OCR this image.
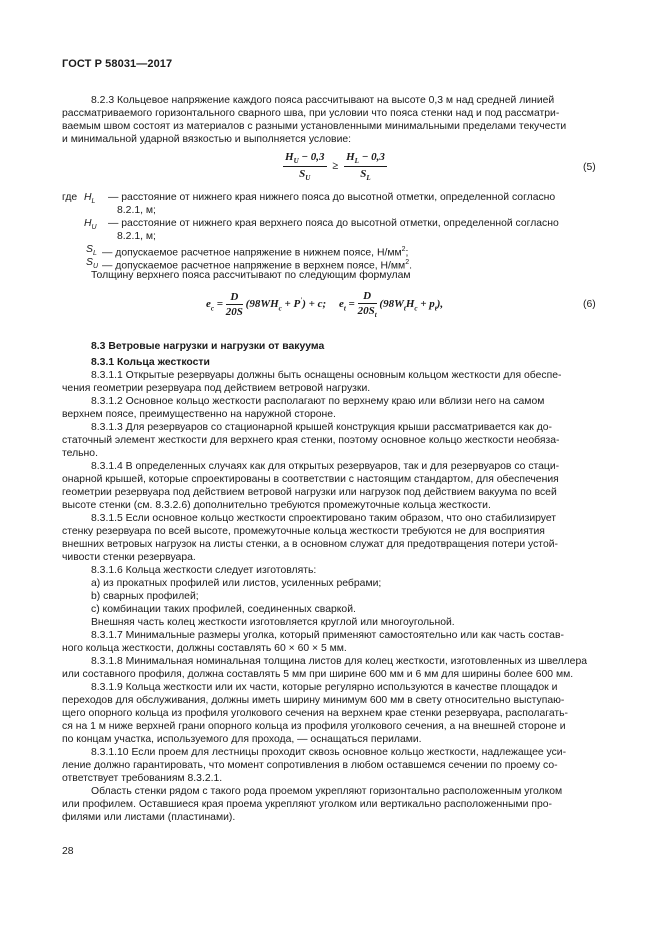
ГОСТ Р 58031—2017
8.2.3 Кольцевое напряжение каждого пояса рассчитывают на высоте 0,3 м над средней линией
рассматриваемого горизонтального сварного шва, при условии что пояса стенки над и под рассматри-
ваемым швом состоят из материалов с разными установленными минимальными пределами текучести
и минимальной ударной вязкостью и выполняется условие:
$\frac{H_U - 0,3}{S_U} \ge \frac{H_L - 0,3}{S_L}$	(5)
где $H_L$ — расстояние от нижнего края нижнего пояса до высотной отметки, определенной согласно
8.2.1, м;
$H_U$ — расстояние от нижнего края верхнего пояса до высотной отметки, определенной согласно
8.2.1, м;
$S_L$ — допускаемое расчетное напряжение в нижнем поясе, $Н/мм^2$;
$S_U$ — допускаемое расчетное напряжение в верхнем поясе, $Н/мм^2$.
Толщину верхнего пояса рассчитывают по следующим формулам
$e_c = \frac{D}{20S} (98WH_c + P') + c$; $e_t = \frac{D}{20S_t} (98W_tH_c + p_t)$,	(6)
8.3 Ветровые нагрузки и нагрузки от вакуума
8.3.1 Кольца жесткости
8.3.1.1 Открытые резервуары должны быть оснащены основным кольцом жесткости для обеспе-
чения геометрии резервуара под действием ветровой нагрузки.
8.3.1.2 Основное кольцо жесткости располагают по верхнему краю или вблизи него на самом
верхнем поясе, преимущественно на наружной стороне.
8.3.1.3 Для резервуаров со стационарной крышей конструкция крыши рассматривается как до-
статочный элемент жесткости для верхнего края стенки, поэтому основное кольцо жесткости необяза-
тельно.
8.3.1.4 В определенных случаях как для открытых резервуаров, так и для резервуаров со стаци-
онарной крышей, которые спроектированы в соответствии с настоящим стандартом, для обеспечения
геометрии резервуара под действием ветровой нагрузки или нагрузок под действием вакуума по всей
высоте стенки (см. 8.3.2.6) дополнительно требуются промежуточные кольца жесткости.
8.3.1.5 Если основное кольцо жесткости спроектировано таким образом, что оно стабилизирует
стенку резервуара по всей высоте, промежуточные кольца жесткости требуются не для восприятия
внешних ветровых нагрузок на листы стенки, а в основном служат для предотвращения потери устой-
чивости стенки резервуара.
8.3.1.6 Кольца жесткости следует изготовлять:
а) из прокатных профилей или листов, усиленных ребрами;
b) сварных профилей;
с) комбинации таких профилей, соединенных сваркой.
Внешняя часть колец жесткости изготовляется круглой или многоугольной.
8.3.1.7 Минимальные размеры уголка, который применяют самостоятельно или как часть состав-
ного кольца жесткости, должны составлять 60 × 60 × 5 мм.
8.3.1.8 Минимальная номинальная толщина листов для колец жесткости, изготовленных из швеллера
или составного профиля, должна составлять 5 мм при ширине 600 мм и 6 мм для ширины более 600 мм.
8.3.1.9 Кольца жесткости или их части, которые регулярно используются в качестве площадок и
переходов для обслуживания, должны иметь ширину минимум 600 мм в свету относительно выступаю-
щего опорного кольца из профиля уголкового сечения на верхнем крае стенки резервуара, располагать-
ся на 1 м ниже верхней грани опорного кольца из профиля уголкового сечения, а на внешней стороне и
по концам участка, используемого для прохода, — оснащаться перилами.
8.3.1.10 Если проем для лестницы проходит сквозь основное кольцо жесткости, надлежащее уси-
ление должно гарантировать, что момент сопротивления в любом оставшемся сечении по проему со-
ответствует требованиям 8.3.2.1.
Область стенки рядом с такого рода проемом укрепляют горизонтально расположенным уголком
или профилем. Оставшиеся края проема укрепляют уголком или вертикально расположенными про-
филями или листами (пластинами).
28
